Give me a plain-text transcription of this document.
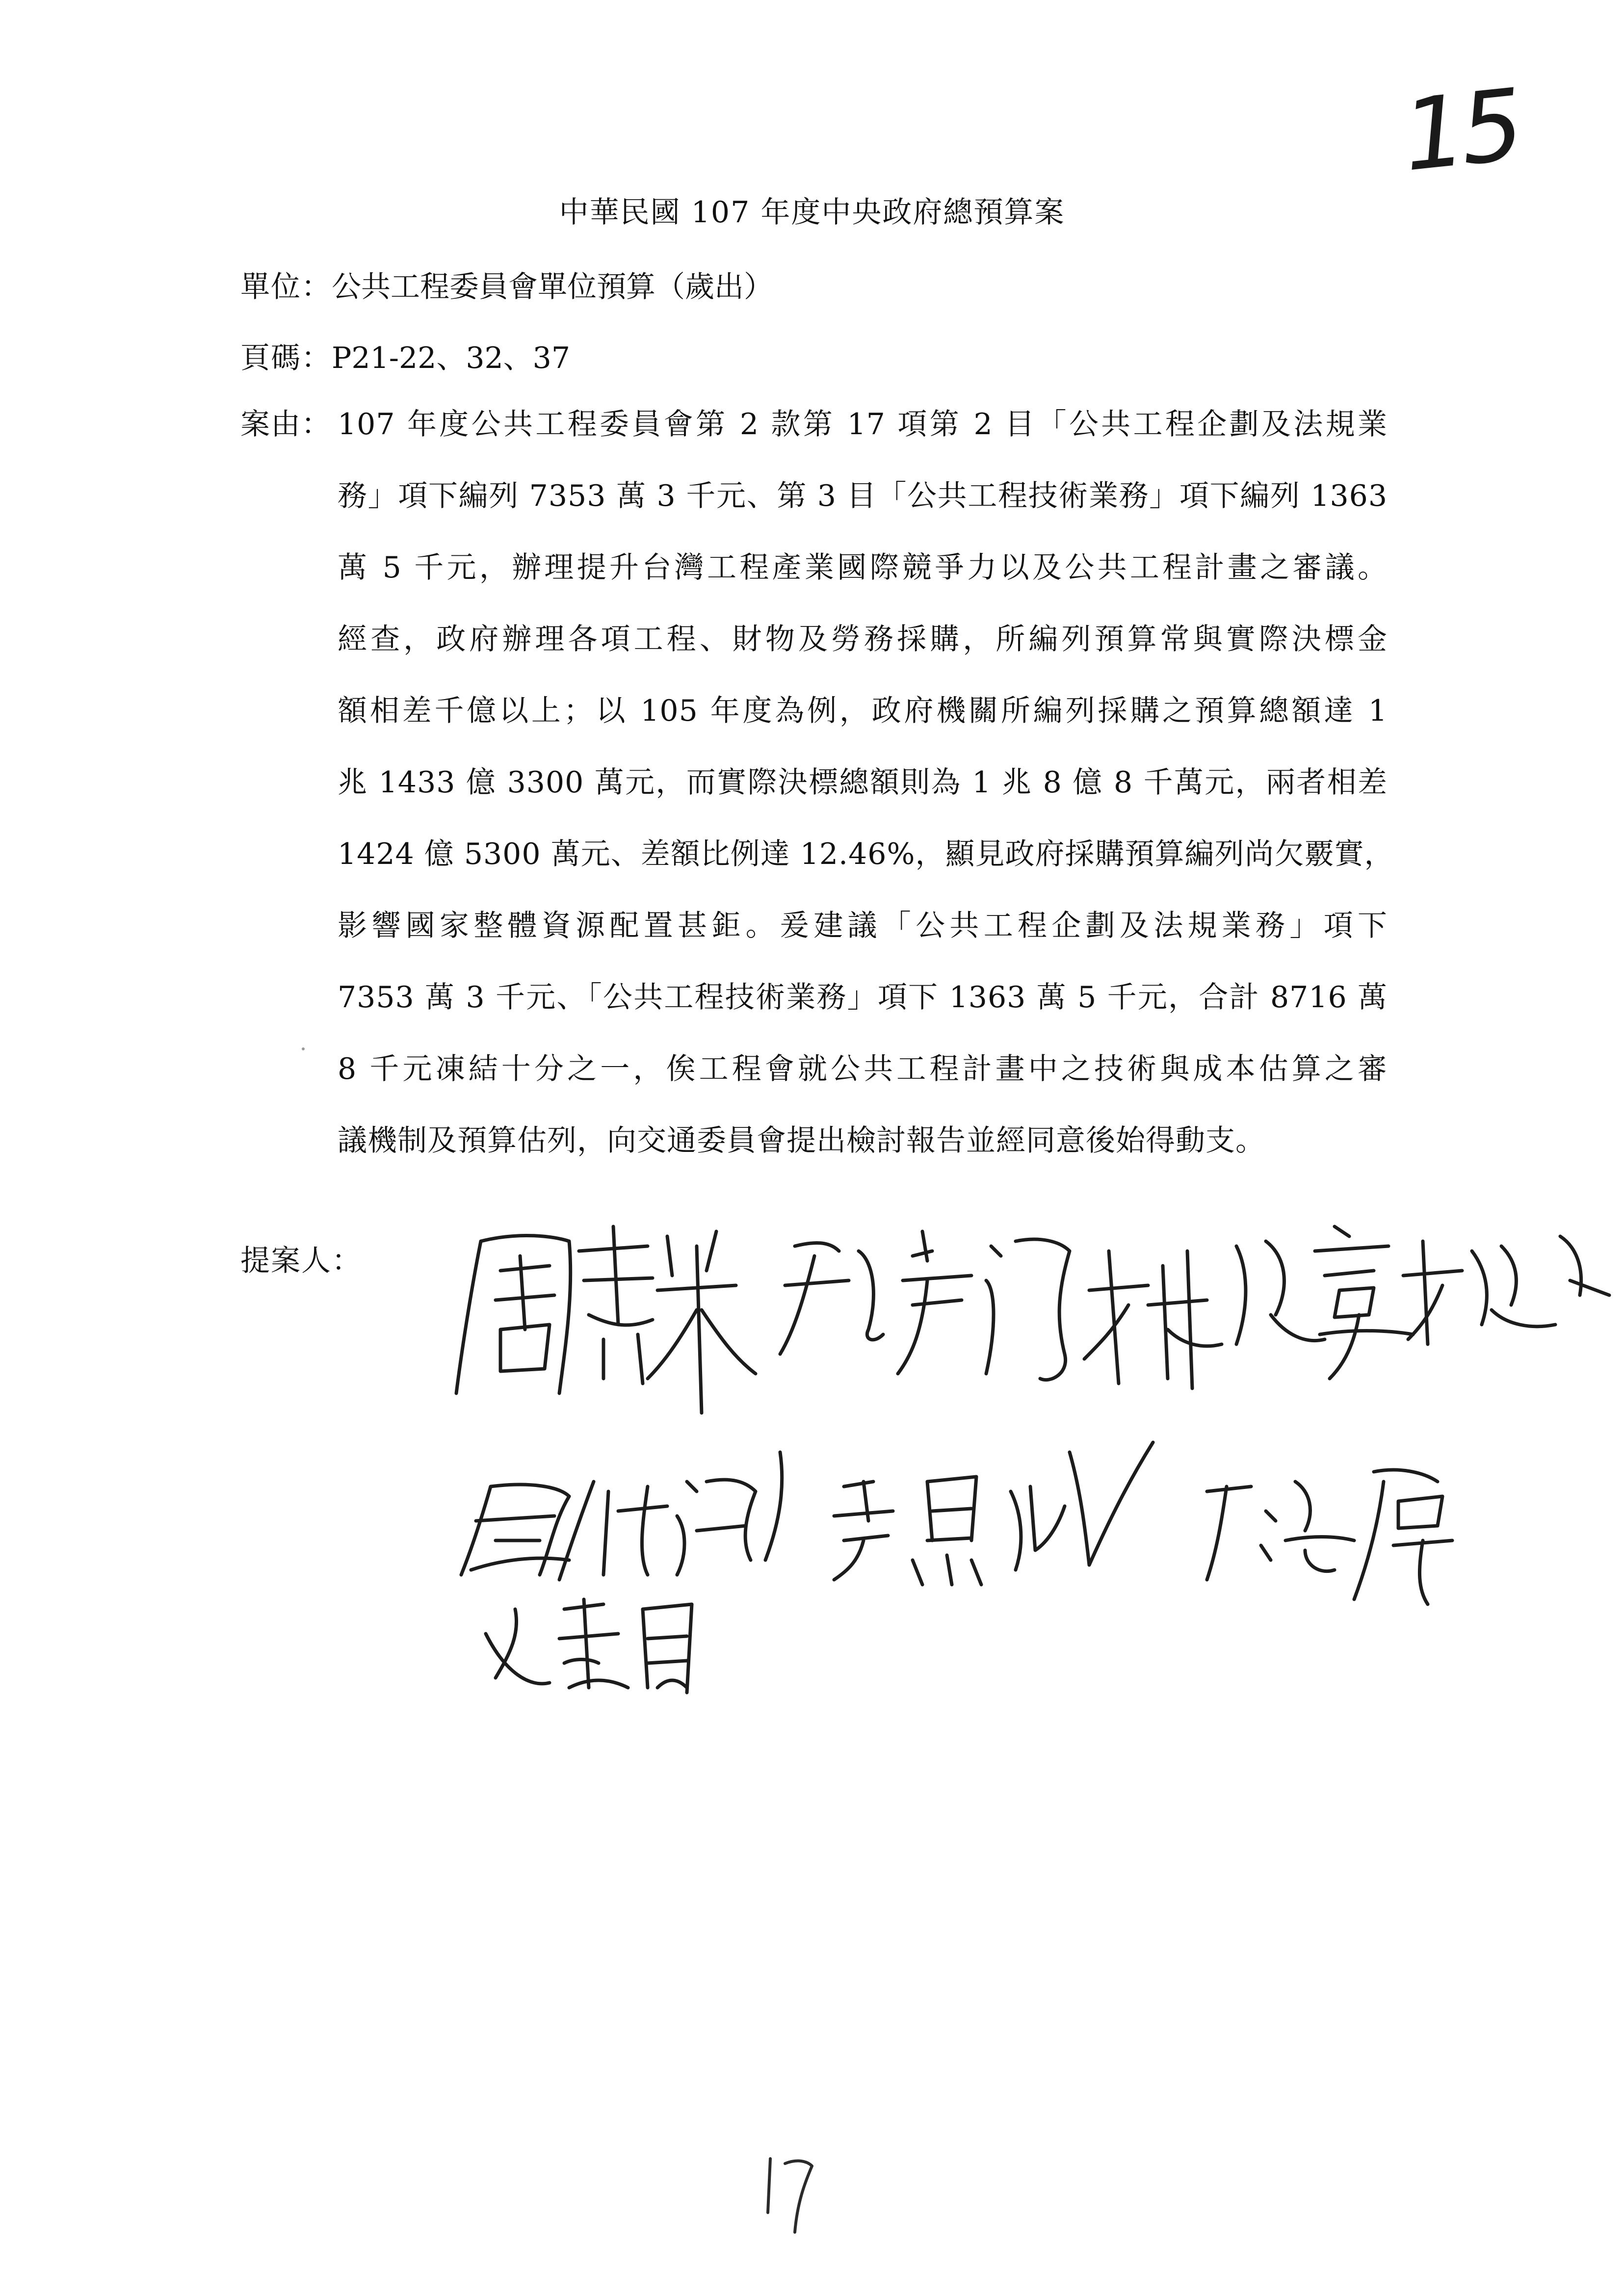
15
中華民國 107 年度中央政府總預算案
單位：公共工程委員會單位預算（歲出）
頁碼：P21-22、32、37
案由： 107 年度公共工程委員會第 2 款第 17 項第 2 目「公共工程企劃及法規業
務」項下編列 7353 萬 3 千元、第 3 目「公共工程技術業務」項下編列 1363
萬 5 千元，辦理提升台灣工程產業國際競爭力以及公共工程計畫之審議。
經查，政府辦理各項工程、財物及勞務採購，所編列預算常與實際決標金
額相差千億以上；以 105 年度為例，政府機關所編列採購之預算總額達 1
兆 1433 億 3300 萬元，而實際決標總額則為 1 兆 8 億 8 千萬元，兩者相差
1424 億 5300 萬元、差額比例達 12.46%，顯見政府採購預算編列尚欠覈實，
影響國家整體資源配置甚鉅。爰建議「公共工程企劃及法規業務」項下
7353 萬 3 千元、「公共工程技術業務」項下 1363 萬 5 千元，合計 8716 萬
8 千元凍結十分之一，俟工程會就公共工程計畫中之技術與成本估算之審
議機制及預算估列，向交通委員會提出檢討報告並經同意後始得動支。
提案人：
